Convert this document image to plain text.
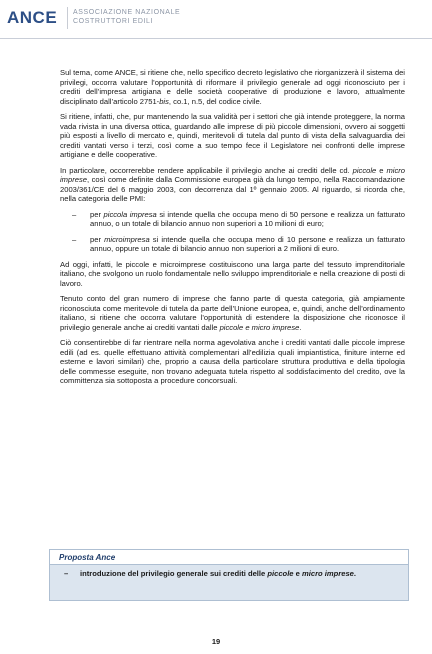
ANCE ASSOCIAZIONE NAZIONALE
COSTRUTTORI EDILI

Sul tema, come ANCE, si ritiene che, nello specifico decreto legislativo che riorganizzerà il sistema dei privilegi, occorra valutare l’opportunità di riformare il privilegio generale ad oggi riconosciuto per i crediti dell’impresa artigiana e delle società cooperative di produzione e lavoro, attualmente disciplinato dall’articolo 2751-bis, co.1, n.5, del codice civile.

Si ritiene, infatti, che, pur mantenendo la sua validità per i settori che già intende proteggere, la norma vada rivista in una diversa ottica, guardando alle imprese di più piccole dimensioni, ovvero ai soggetti più esposti a livello di mercato e, quindi, meritevoli di tutela dal punto di vista della salvaguardia dei crediti vantati verso i terzi, così come a suo tempo fece il Legislatore nei confronti delle imprese artigiane e delle cooperative.

In particolare, occorrerebbe rendere applicabile il privilegio anche ai crediti delle cd. piccole e micro imprese, così come definite dalla Commissione europea già da lungo tempo, nella Raccomandazione 2003/361/CE del 6 maggio 2003, con decorrenza dal 1º gennaio 2005. Al riguardo, si ricorda che, nella categoria delle PMI:

– per piccola impresa si intende quella che occupa meno di 50 persone e realizza un fatturato annuo, o un totale di bilancio annuo non superiori a 10 milioni di euro;
– per microimpresa si intende quella che occupa meno di 10 persone e realizza un fatturato annuo, oppure un totale di bilancio annuo non superiori a 2 milioni di euro.

Ad oggi, infatti, le piccole e microimprese costituiscono una larga parte del tessuto imprenditoriale italiano, che svolgono un ruolo fondamentale nello sviluppo imprenditoriale e nella creazione di posti di lavoro.

Tenuto conto del gran numero di imprese che fanno parte di questa categoria, già ampiamente riconosciuta come meritevole di tutela da parte dell’Unione europea, e, quindi, anche dell’ordinamento italiano, si ritiene che occorra valutare l’opportunità di estendere la disposizione che riconosce il privilegio generale anche ai crediti vantati dalle piccole e micro imprese.

Ciò consentirebbe di far rientrare nella norma agevolativa anche i crediti vantati dalle piccole imprese edili (ad es. quelle effettuano attività complementari all’edilizia quali impiantistica, finiture interne ed esterne e lavori similari) che, proprio a causa della particolare struttura produttiva e della tipologia delle commesse eseguite, non trovano adeguata tutela rispetto al soddisfacimento del credito, ove la committenza sia sottoposta a procedure concorsuali.

Proposta Ance
– introduzione del privilegio generale sui crediti delle piccole e micro imprese.
19
